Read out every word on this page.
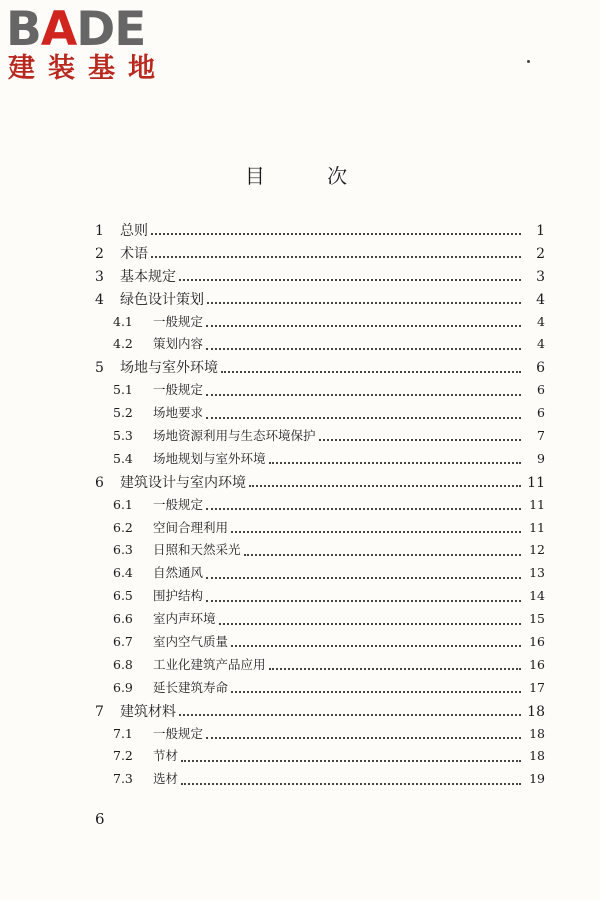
BADE
建装基地
目 次
1	总则	1
2	术语	2
3	基本规定	3
4	绿色设计策划	4
4.1	一般规定	4
4.2	策划内容	4
5	场地与室外环境	6
5.1	一般规定	6
5.2	场地要求	6
5.3	场地资源利用与生态环境保护	7
5.4	场地规划与室外环境	9
6	建筑设计与室内环境	11
6.1	一般规定	11
6.2	空间合理利用	11
6.3	日照和天然采光	12
6.4	自然通风	13
6.5	围护结构	14
6.6	室内声环境	15
6.7	室内空气质量	16
6.8	工业化建筑产品应用	16
6.9	延长建筑寿命	17
7	建筑材料	18
7.1	一般规定	18
7.2	节材	18
7.3	选材	19
6
